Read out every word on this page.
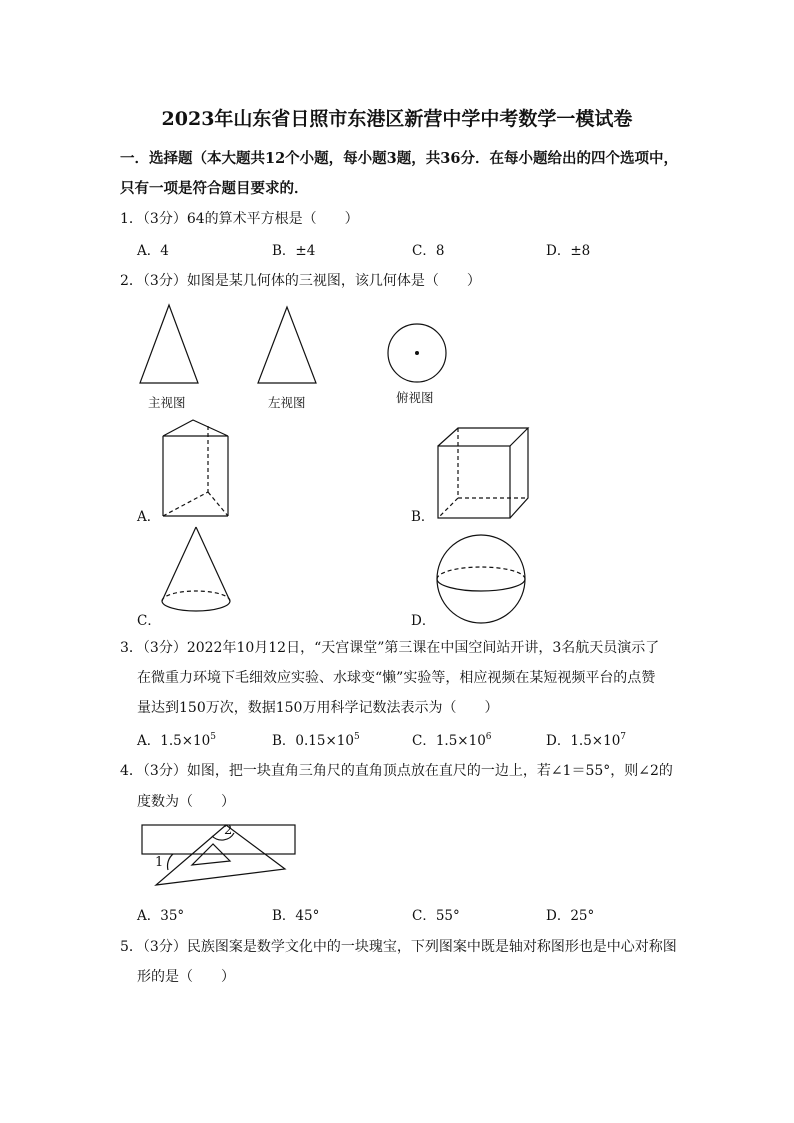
2023年山东省日照市东港区新营中学中考数学一模试卷
一．选择题（本大题共12个小题，每小题3题，共36分．在每小题给出的四个选项中，
只有一项是符合题目要求的．
1．（3分）64的算术平方根是（　　）
A．4	B．±4	C．8	D．±8
2．（3分）如图是某几何体的三视图，该几何体是（　　）
主视图	左视图	俯视图
A．	B．
C．	D．
3．（3分）2022年10月12日，“天宫课堂”第三课在中国空间站开讲，3名航天员演示了
在微重力环境下毛细效应实验、水球变“懒”实验等，相应视频在某短视频平台的点赞
量达到150万次，数据150万用科学记数法表示为（　　）
A．$1.5\times 10^5$	B．$0.15\times 10^5$	C．$1.5\times 10^6$	D．$1.5\times 10^7$
4．（3分）如图，把一块直角三角尺的直角顶点放在直尺的一边上，若∠1＝55°，则∠2的
度数为（　　）
2
1
A．35°	B．45°	C．55°	D．25°
5．（3分）民族图案是数学文化中的一块瑰宝，下列图案中既是轴对称图形也是中心对称图
形的是（　　）
